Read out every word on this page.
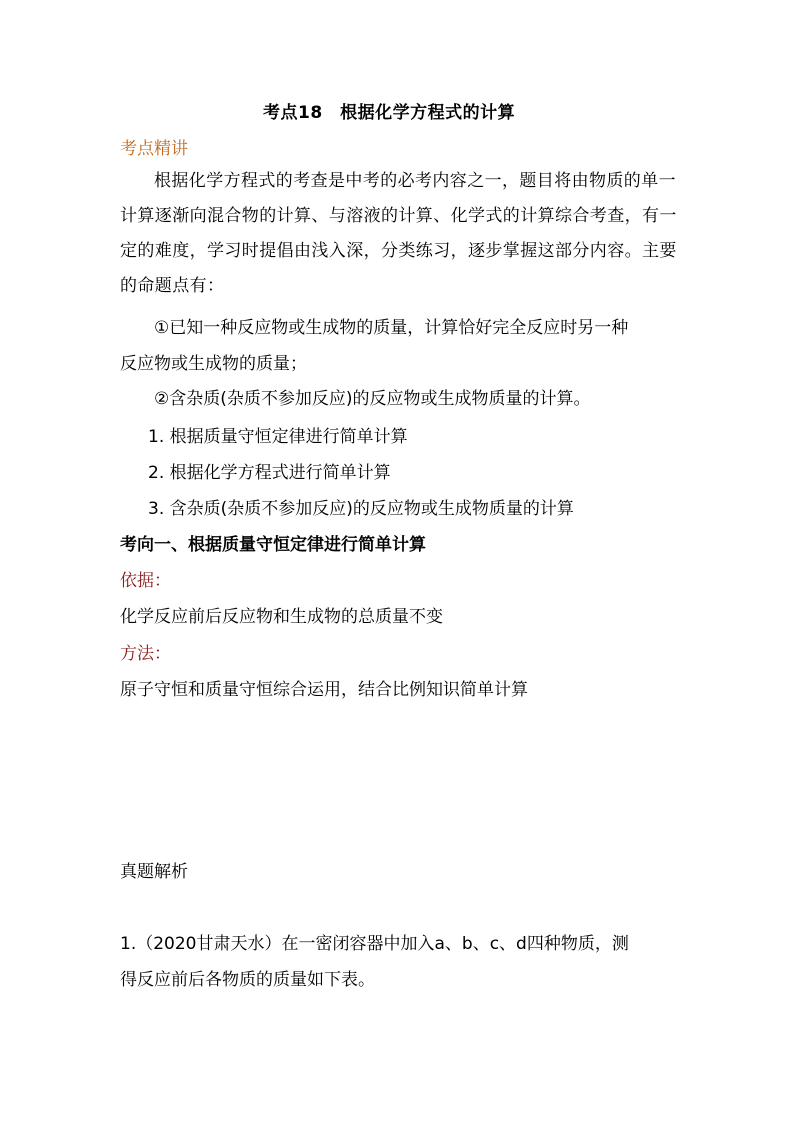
考点18　根据化学方程式的计算
考点精讲
根据化学方程式的考查是中考的必考内容之一，题目将由物质的单一计算逐渐向混合物的计算、与溶液的计算、化学式的计算综合考查，有一定的难度，学习时提倡由浅入深，分类练习，逐步掌握这部分内容。主要的命题点有：
①已知一种反应物或生成物的质量，计算恰好完全反应时另一种
反应物或生成物的质量；
②含杂质(杂质不参加反应)的反应物或生成物质量的计算。
1. 根据质量守恒定律进行简单计算
2. 根据化学方程式进行简单计算
3. 含杂质(杂质不参加反应)的反应物或生成物质量的计算
考向一、根据质量守恒定律进行简单计算
依据：
化学反应前后反应物和生成物的总质量不变
方法：
原子守恒和质量守恒综合运用，结合比例知识简单计算
真题解析
1.（2020甘肃天水）在一密闭容器中加入a、b、c、d四种物质，测
得反应前后各物质的质量如下表。
